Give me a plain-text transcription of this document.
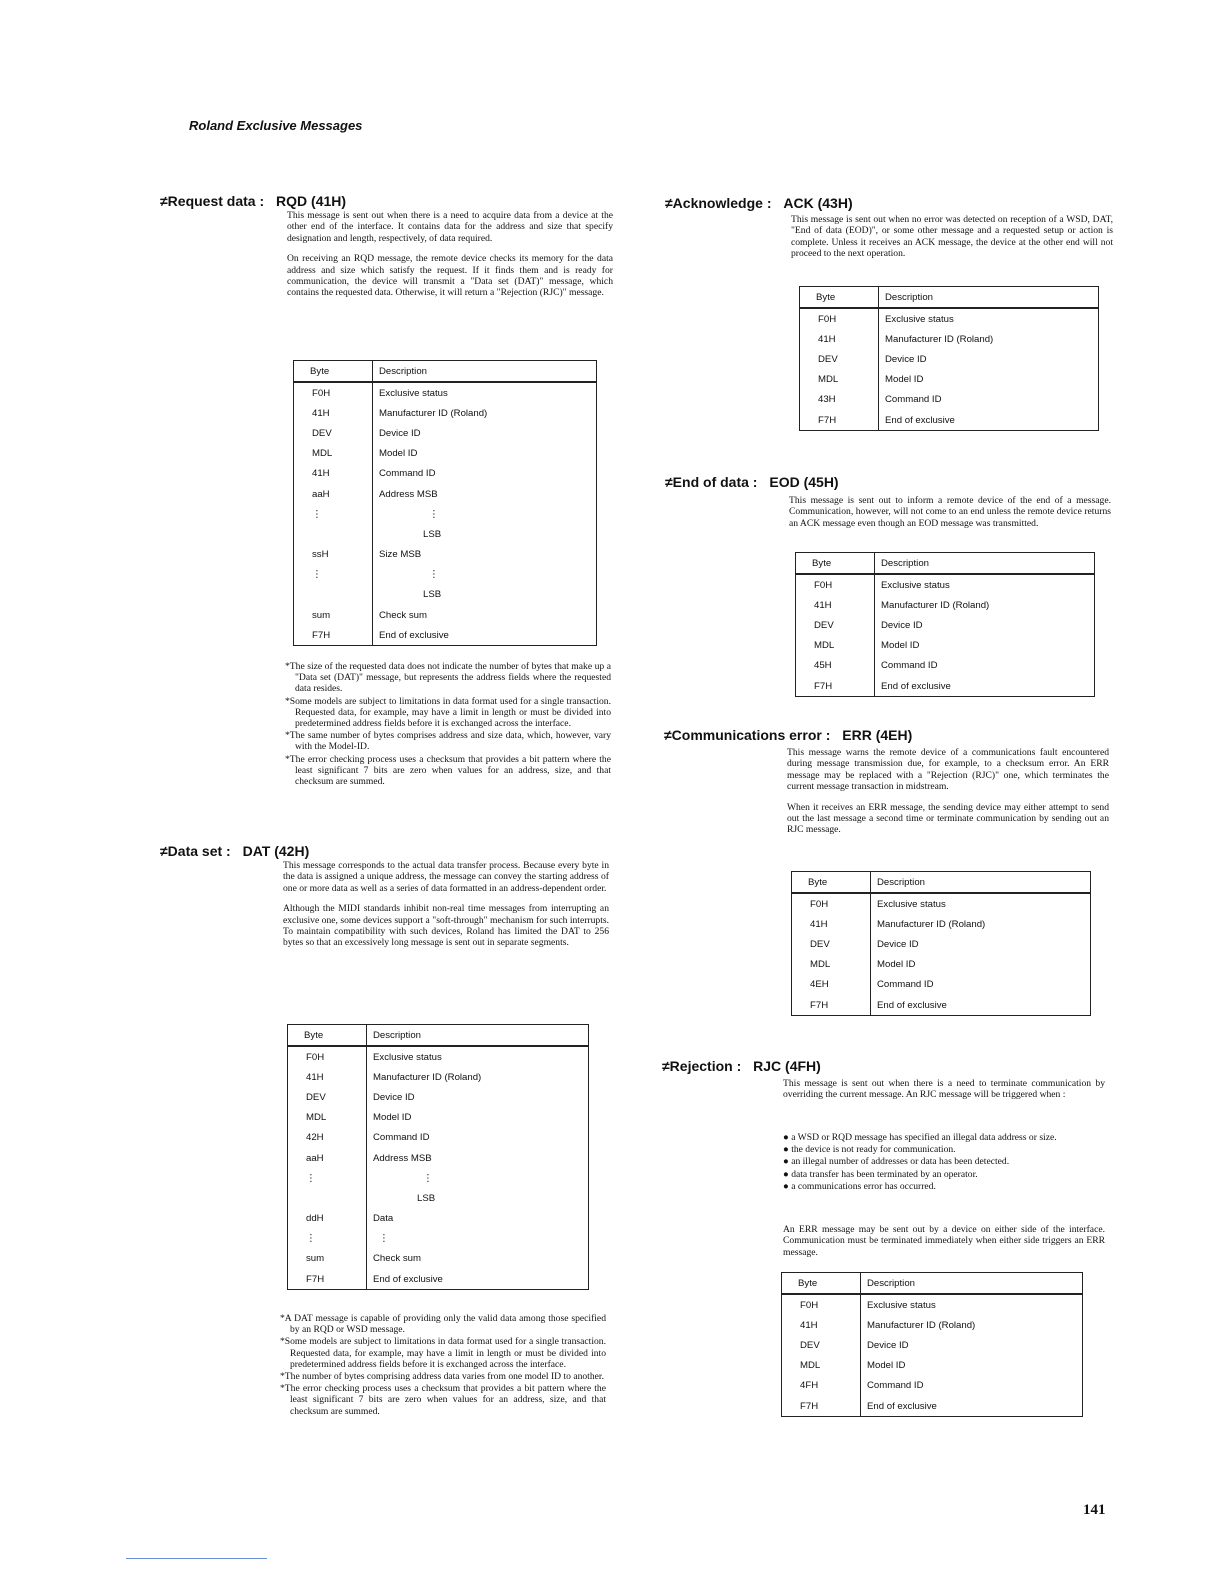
Roland Exclusive Messages
≠Request data : RQD (41H)

This message is sent out when there is a need to acquire data from a device at the other end of the interface. It contains data for the address and size that specify designation and length, respectively, of data required.

On receiving an RQD message, the remote device checks its memory for the data address and size which satisfy the request. If it finds them and is ready for communication, the device will transmit a "Data set (DAT)" message, which contains the requested data. Otherwise, it will return a "Rejection (RJC)" message.

Byte	Description
F0H	Exclusive status
41H	Manufacturer ID (Roland)
DEV	Device ID
MDL	Model ID
41H	Command ID
aaH	Address MSB
⋮	⋮
	LSB
ssH	Size MSB
⋮	⋮
	LSB
sum	Check sum
F7H	End of exclusive
*The size of the requested data does not indicate the number of bytes that make up a "Data set (DAT)" message, but represents the address fields where the requested data resides.
*Some models are subject to limitations in data format used for a single transaction. Requested data, for example, may have a limit in length or must be divided into predetermined address fields before it is exchanged across the interface.
*The same number of bytes comprises address and size data, which, however, vary with the Model-ID.
*The error checking process uses a checksum that provides a bit pattern where the least significant 7 bits are zero when values for an address, size, and that checksum are summed.
≠Data set : DAT (42H)

This message corresponds to the actual data transfer process. Because every byte in the data is assigned a unique address, the message can convey the starting address of one or more data as well as a series of data formatted in an address-dependent order.

Although the MIDI standards inhibit non-real time messages from interrupting an exclusive one, some devices support a "soft-through" mechanism for such interrupts. To maintain compatibility with such devices, Roland has limited the DAT to 256 bytes so that an excessively long message is sent out in separate segments.

Byte	Description
F0H	Exclusive status
41H	Manufacturer ID (Roland)
DEV	Device ID
MDL	Model ID
42H	Command ID
aaH	Address MSB
⋮	⋮
	LSB
ddH	Data
⋮	⋮
sum	Check sum
F7H	End of exclusive
*A DAT message is capable of providing only the valid data among those specified by an RQD or WSD message.
*Some models are subject to limitations in data format used for a single transaction. Requested data, for example, may have a limit in length or must be divided into predetermined address fields before it is exchanged across the interface.
*The number of bytes comprising address data varies from one model ID to another.
*The error checking process uses a checksum that provides a bit pattern where the least significant 7 bits are zero when values for an address, size, and that checksum are summed.
≠Acknowledge : ACK (43H)

This message is sent out when no error was detected on reception of a WSD, DAT, "End of data (EOD)", or some other message and a requested setup or action is complete. Unless it receives an ACK message, the device at the other end will not proceed to the next operation.

Byte	Description
F0H	Exclusive status
41H	Manufacturer ID (Roland)
DEV	Device ID
MDL	Model ID
43H	Command ID
F7H	End of exclusive
≠End of data : EOD (45H)

This message is sent out to inform a remote device of the end of a message. Communication, however, will not come to an end unless the remote device returns an ACK message even though an EOD message was transmitted.

Byte	Description
F0H	Exclusive status
41H	Manufacturer ID (Roland)
DEV	Device ID
MDL	Model ID
45H	Command ID
F7H	End of exclusive
≠Communications error : ERR (4EH)

This message warns the remote device of a communications fault encountered during message transmission due, for example, to a checksum error. An ERR message may be replaced with a "Rejection (RJC)" one, which terminates the current message transaction in midstream.

When it receives an ERR message, the sending device may either attempt to send out the last message a second time or terminate communication by sending out an RJC message.

Byte	Description
F0H	Exclusive status
41H	Manufacturer ID (Roland)
DEV	Device ID
MDL	Model ID
4EH	Command ID
F7H	End of exclusive
≠Rejection : RJC (4FH)

This message is sent out when there is a need to terminate communication by overriding the current message. An RJC message will be triggered when :

● a WSD or RQD message has specified an illegal data address or size.
● the device is not ready for communication.
● an illegal number of addresses or data has been detected.
● data transfer has been terminated by an operator.
● a communications error has occurred.

An ERR message may be sent out by a device on either side of the interface. Communication must be terminated immediately when either side triggers an ERR message.

Byte	Description
F0H	Exclusive status
41H	Manufacturer ID (Roland)
DEV	Device ID
MDL	Model ID
4FH	Command ID
F7H	End of exclusive
141
